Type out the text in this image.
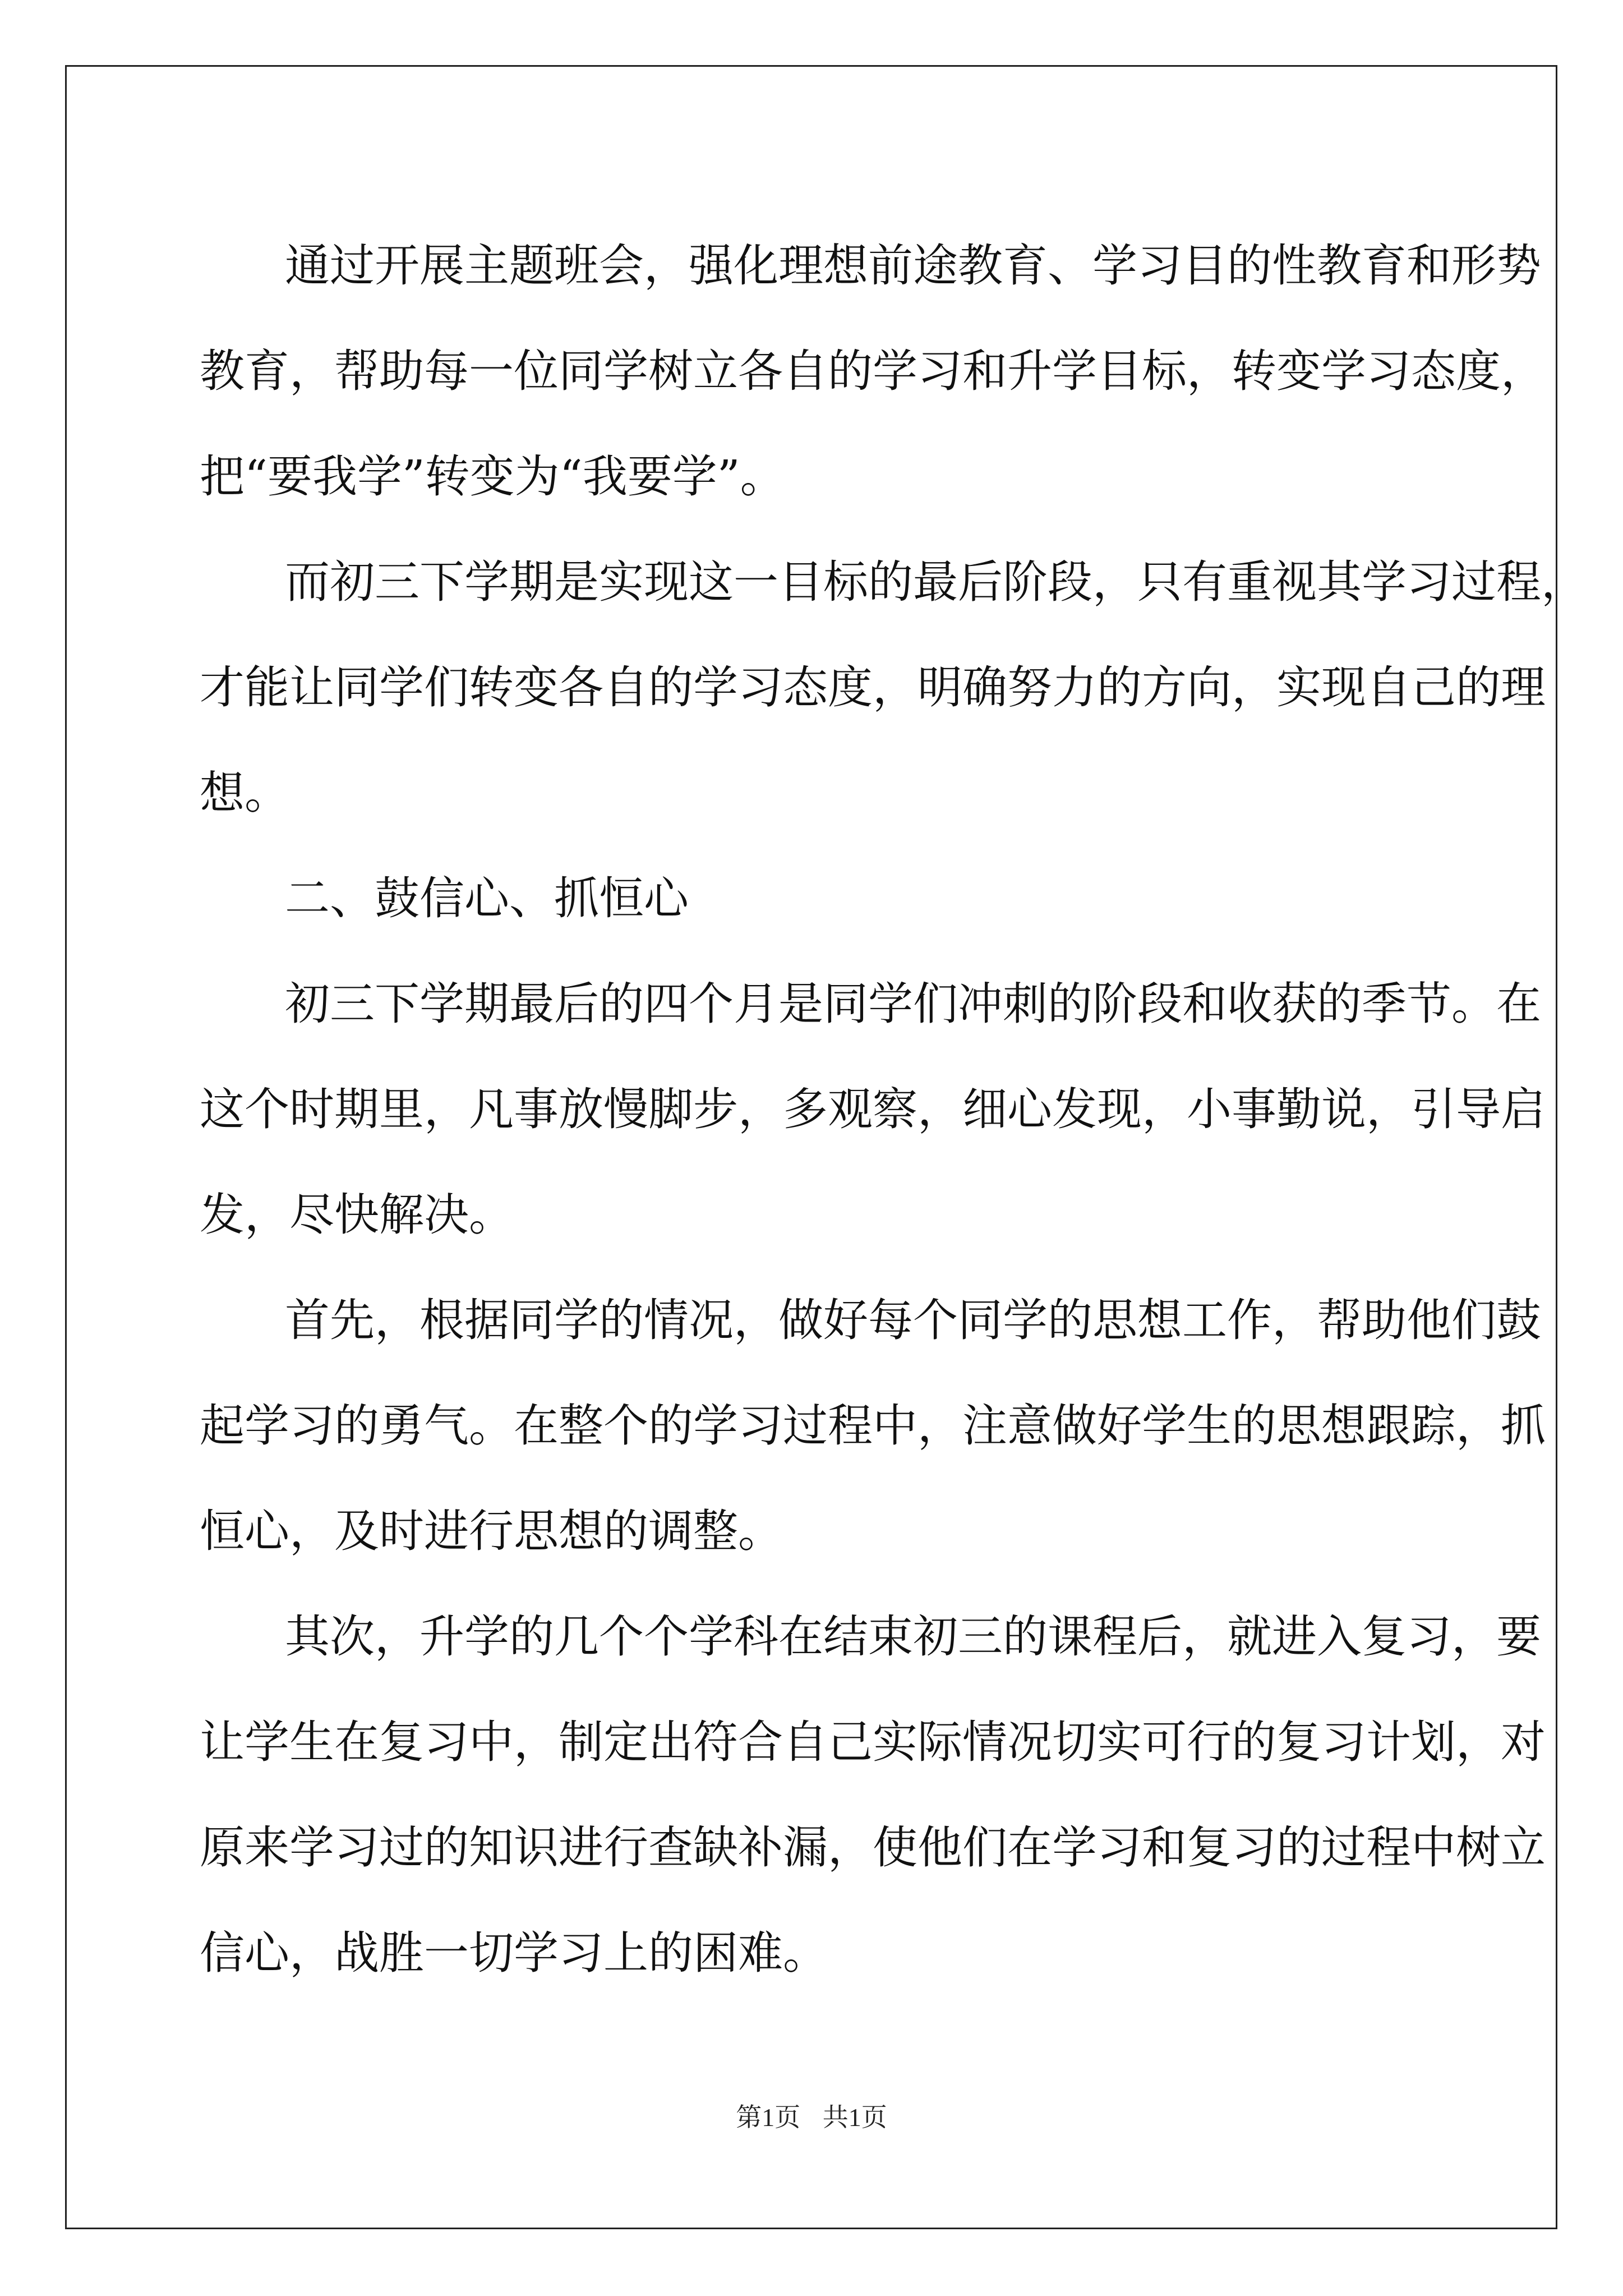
通过开展主题班会，强化理想前途教育、学习目的性教育和形势
教育，帮助每一位同学树立各自的学习和升学目标，转变学习态度，
把“要我学”转变为“我要学”。
而初三下学期是实现这一目标的最后阶段，只有重视其学习过程，
才能让同学们转变各自的学习态度，明确努力的方向，实现自己的理
想。
二、鼓信心、抓恒心
初三下学期最后的四个月是同学们冲刺的阶段和收获的季节。在
这个时期里，凡事放慢脚步，多观察，细心发现，小事勤说，引导启
发，尽快解决。
首先，根据同学的情况，做好每个同学的思想工作，帮助他们鼓
起学习的勇气。在整个的学习过程中，注意做好学生的思想跟踪，抓
恒心，及时进行思想的调整。
其次，升学的几个个学科在结束初三的课程后，就进入复习，要
让学生在复习中，制定出符合自己实际情况切实可行的复习计划，对
原来学习过的知识进行查缺补漏，使他们在学习和复习的过程中树立
信心，战胜一切学习上的困难。
第1页 共1页
